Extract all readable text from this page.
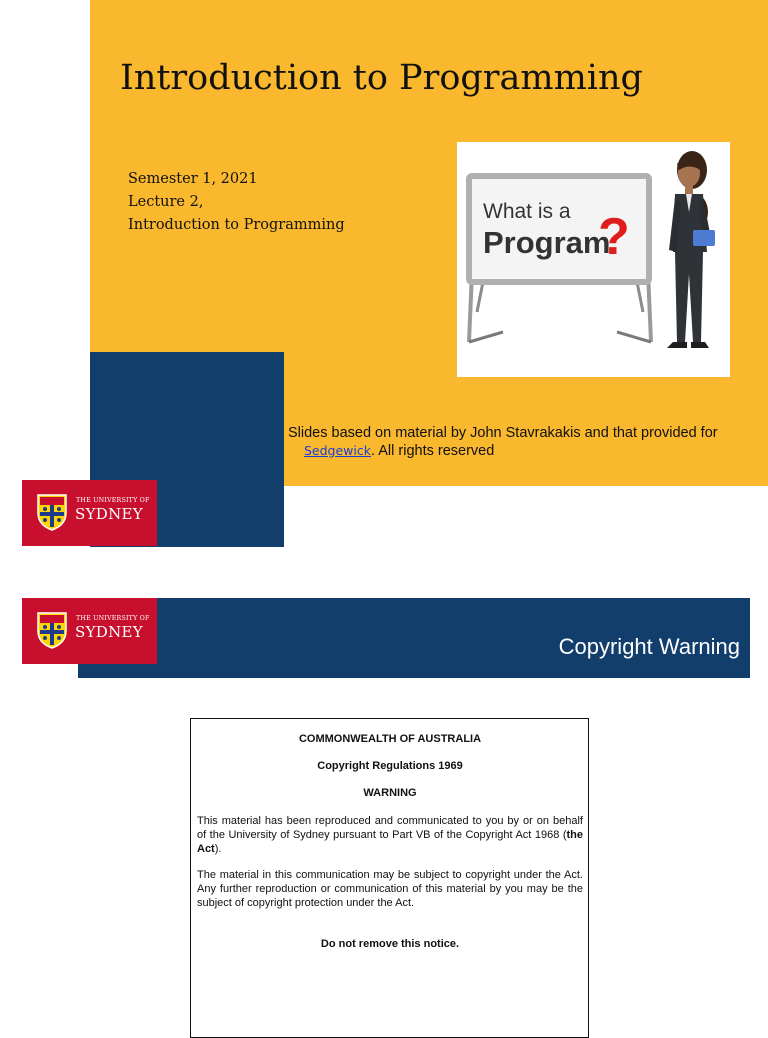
Introduction to Programming
Semester 1, 2021
Lecture 2,
Introduction to Programming
What is a
Program
?
Slides based on material by John Stavrakakis and that provided for
Sedgewick. All rights reserved
THE UNIVERSITY OF
SYDNEY
Copyright Warning
THE UNIVERSITY OF
SYDNEY

COMMONWEALTH OF AUSTRALIA

Copyright Regulations 1969

WARNING

This material has been reproduced and communicated to you by or on behalf of the University of Sydney pursuant to Part VB of the Copyright Act 1968 (the Act).

The material in this communication may be subject to copyright under the Act. Any further reproduction or communication of this material by you may be the subject of copyright protection under the Act.

Do not remove this notice.
